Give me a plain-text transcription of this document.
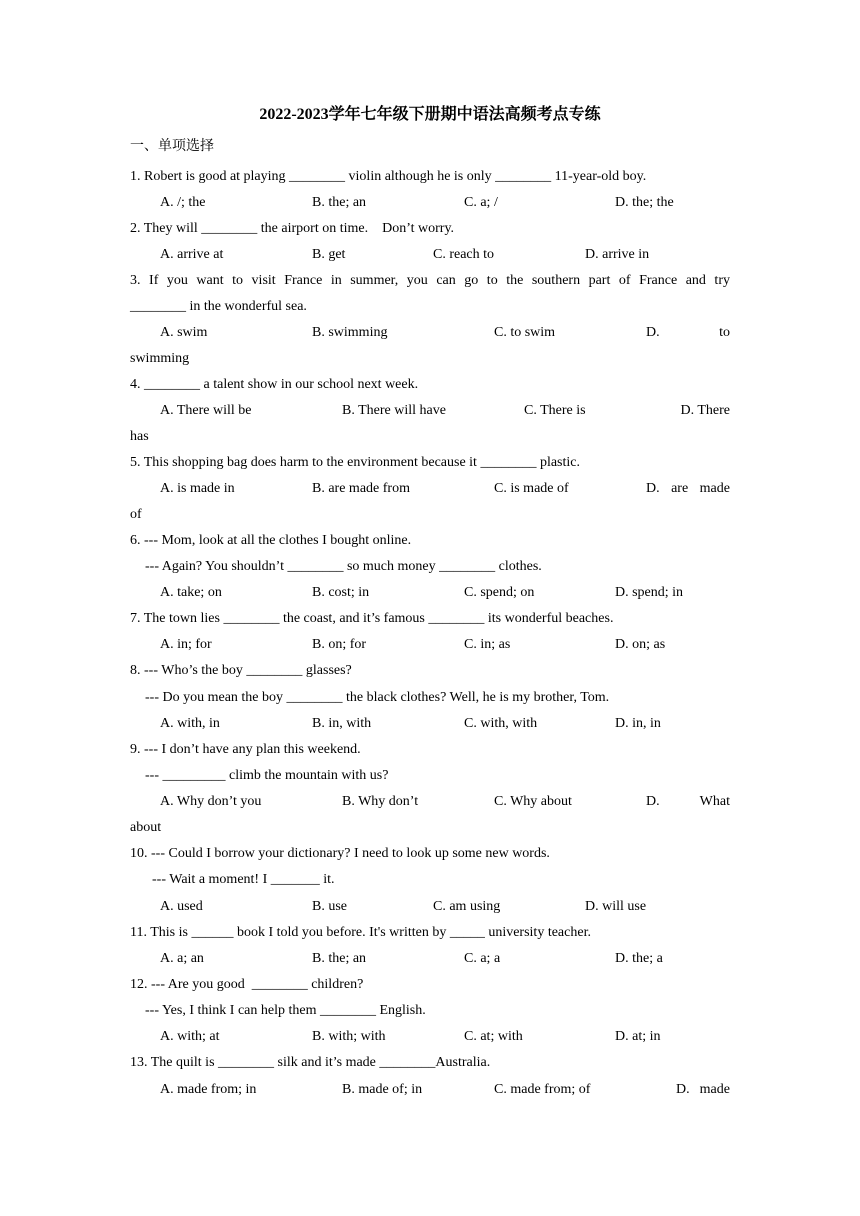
2022-2023学年七年级下册期中语法高频考点专练
一、单项选择
1. Robert is good at playing ________ violin although he is only ________ 11-year-old boy.
A. /; the	B. the; an	C. a; /	D. the; the
2. They will ________ the airport on time.    Don’t worry.
A. arrive at	B. get	C. reach to	D. arrive in
3. If you want to visit France in summer, you can go to the southern part of France and try
________ in the wonderful sea.
A. swim	B. swimming	C. to swim	D.	to
swimming
4. ________ a talent show in our school next week.
A. There will be	B. There will have	C. There is	D. There
has
5. This shopping bag does harm to the environment because it ________ plastic.
A. is made in	B. are made from	C. is made of	D. are made
of
6. --- Mom, look at all the clothes I bought online.
--- Again? You shouldn’t ________ so much money ________ clothes.
A. take; on	B. cost; in	C. spend; on	D. spend; in
7. The town lies ________ the coast, and it’s famous ________ its wonderful beaches.
A. in; for	B. on; for	C. in; as	D. on; as
8. --- Who’s the boy ________ glasses?
--- Do you mean the boy ________ the black clothes? Well, he is my brother, Tom.
A. with, in	B. in, with	C. with, with	D. in, in
9. --- I don’t have any plan this weekend.
--- _________ climb the mountain with us?
A. Why don’t you	B. Why don’t	C. Why about	D.	What
about
10. --- Could I borrow your dictionary? I need to look up some new words.
--- Wait a moment! I _______ it.
A. used	B. use	C. am using	D. will use
11. This is ______ book I told you before. It's written by _____ university teacher.
A. a; an	B. the; an	C. a; a	D. the; a
12. --- Are you good  ________ children?
--- Yes, I think I can help them ________ English.
A. with; at	B. with; with	C. at; with	D. at; in
13. The quilt is ________ silk and it’s made ________Australia.
A. made from; in	B. made of; in	C. made from; of	D. made
